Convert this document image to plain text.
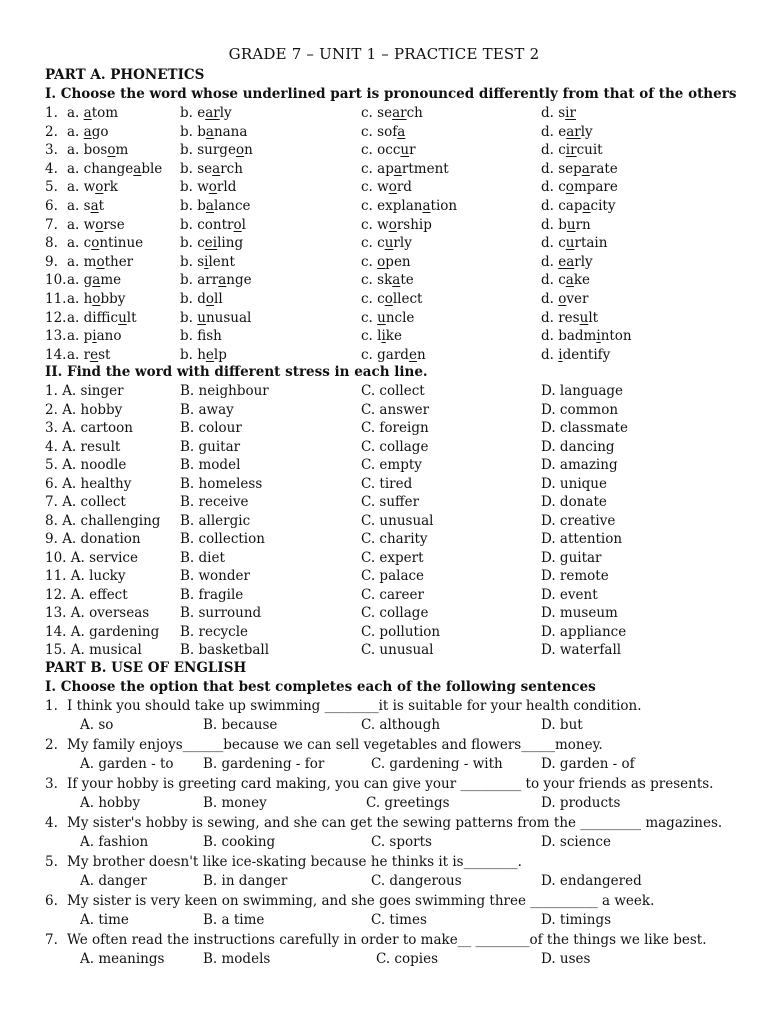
GRADE 7 – UNIT 1 – PRACTICE TEST 2
PART A. PHONETICS
I. Choose the word whose underlined part is pronounced differently from that of the others
1. a. atom	b. early	c. search	d. sir
2. a. ago	b. banana	c. sofa	d. early
3. a. bosom	b. surgeon	c. occur	d. circuit
4. a. changeable b. search	c. apartment	d. separate
5. a. work	b. world	c. word	d. compare
6. a. sat	b. balance	c. explanation	d. capacity
7. a. worse	b. control	c. worship	d. burn
8. a. continue	b. ceiling	c. curly	d. curtain
9. a. mother	b. silent	c. open	d. early
10. a. game	b. arrange	c. skate	d. cake
11. a. hobby	b. doll	c. collect	d. over
12. a. difficult	b. unusual	c. uncle	d. result
13. a. piano	b. fsh	c. like	d. badminton
14. a. rest	b. help	c. garden	d. identify
II. Find the word with different stress in each line.
1. A. singer	B. neighbour	C. collect	D. language
2. A. hobby	B. away	C. answer	D. common
3. A. cartoon	B. colour	C. foreign	D. classmate
4. A. result	B. guitar	C. collage	D. dancing
5. A. noodle	B. model	C. empty	D. amazing
6. A. healthy	B. homeless	C. tired	D. unique
7. A. collect	B. receive	C. suffer	D. donate
8. A. challenging B. allergic	C. unusual	D. creative
9. A. donation	B. collection	C. charity	D. attention
10. A. service	B. diet	C. expert	D. guitar
11. A. lucky	B. wonder	C. palace	D. remote
12. A. effect	B. fragile	C. career	D. event
13. A. overseas B. surround	C. collage	D. museum
14. A. gardening B. recycle	C. pollution	D. appliance
15. A. musical	B. basketball	C. unusual	D. waterfall
PART B. USE OF ENGLISH
I. Choose the option that best completes each of the following sentences
1. I think you should take up swimming ________it is suitable for your health condition.
A. so	B. because	C. although	D. but
2. My family enjoys______because we can sell vegetables and flowers_____money.
A. garden - to B. gardening - for	C. gardening - with	D. garden - of
3. If your hobby is greeting card making, you can give your _________ to your friends as presents.
A. hobby	B. money	C. greetings	D. products
4. My sister's hobby is sewing, and she can get the sewing patterns from the _________ magazines.
A. fashion	B. cooking	C. sports	D. science
5. My brother doesn't like ice-skating because he thinks it is________.
A. danger	B. in danger	C. dangerous	D. endangered
6. My sister is very keen on swimming, and she goes swimming three __________ a week.
A. time	B. a time	C. times	D. timings
7. We often read the instructions carefully in order to make__ ________of the things we like best.
A. meanings	B. models	C. copies	D. uses
